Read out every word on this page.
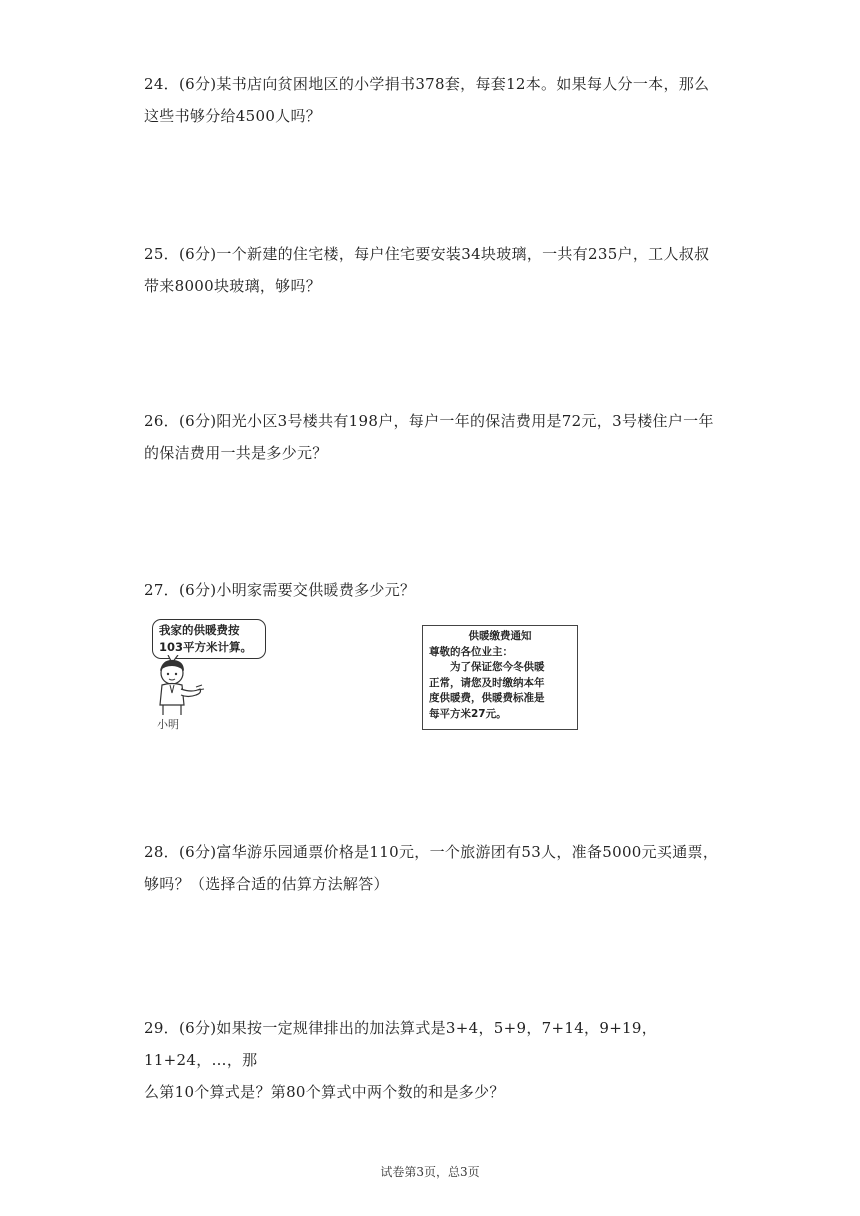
24．(6分)某书店向贫困地区的小学捐书378套，每套12本。如果每人分一本，那么
这些书够分给4500人吗？
25．(6分)一个新建的住宅楼，每户住宅要安装34块玻璃，一共有235户，工人叔叔
带来8000块玻璃，够吗？
26．(6分)阳光小区3号楼共有198户，每户一年的保洁费用是72元，3号楼住户一年
的保洁费用一共是多少元？
27．(6分)小明家需要交供暖费多少元？
我家的供暖费按
103平方米计算。
小明
供暖缴费通知
尊敬的各位业主：
为了保证您今冬供暖
正常，请您及时缴纳本年
度供暖费，供暖费标准是
每平方米27元。
28．(6分)富华游乐园通票价格是110元，一个旅游团有53人，准备5000元买通票，
够吗？（选择合适的估算方法解答）
29．(6分)如果按一定规律排出的加法算式是3+4，5+9，7+14，9+19，11+24，…，那
么第10个算式是？第80个算式中两个数的和是多少？
试卷第3页，总3页
